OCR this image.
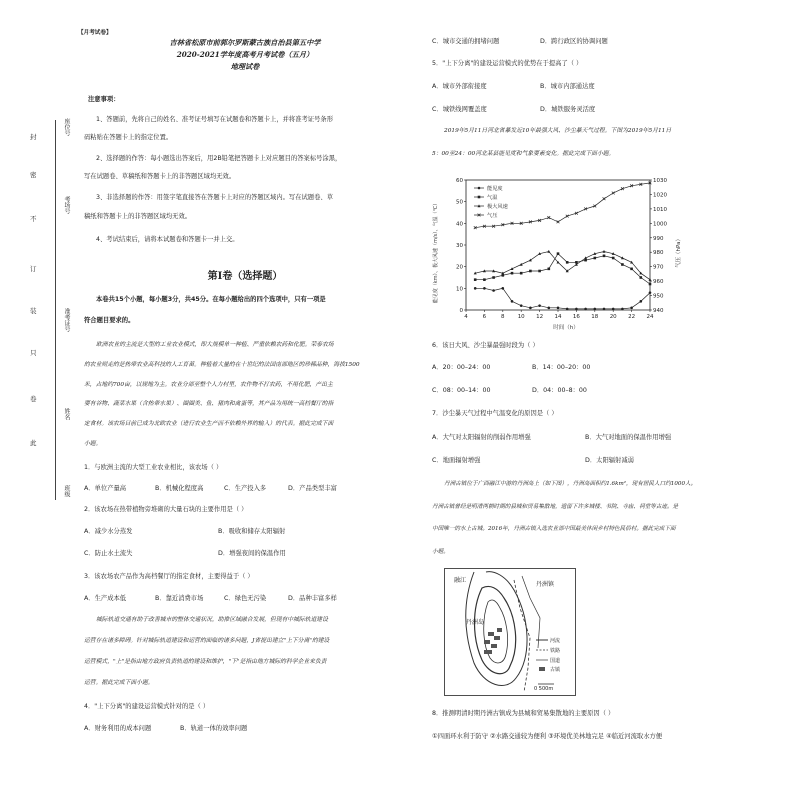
封
密
不
订
装
只
卷
此
座位号
考场号
准考证号
姓名
班级
【月考试卷】
吉林省松原市前郭尔罗斯蒙古族自治县第五中学
2020-2021学年度高考月考试卷（五月）
地理试卷
注意事项：
1、答题前，先将自己的姓名、准考证号填写在试题卷和答题卡上，并将准考证号条形
码粘贴在答题卡上的指定位置。
2、选择题的作答：每小题选出答案后，用2B铅笔把答题卡上对应题目的答案标号涂黑，
写在试题卷、草稿纸和答题卡上的非答题区域均无效。
3、非选择题的作答：用签字笔直接答在答题卡上对应的答题区域内。写在试题卷、草
稿纸和答题卡上的非答题区域均无效。
4、考试结束后，请将本试题卷和答题卡一并上交。
第Ⅰ卷（选择题）
本卷共15个小题，每小题3分，共45分。在每小题给出的四个选项中，只有一项是
符合题目要求的。
欧洲农业的主流是大型的工业农业模式，即大规模单一种植、严重依赖农药和化肥。荣泰农场
的农业则走的是热带农业高科技的人工育苗。种植着大量的在十世纪的法国南部地区的珍稀品种，海拔1500
米，占地约700亩，以规地为主。农业分部至整个人力村里，农作物不打农药，不用化肥，产出主
要有谷物、蔬菜水果（含热带水果）、圈圈类、鱼、猪肉和禽蛋等，其产品为用统一高档餐厅的指
定食材。该农场目前已成为北欧农业（进行农业生产而不依赖外界的输入）的代表。据此完成下面
小题。
1．与欧洲主流的大型工业农业相比，该农场（ ）
A．单位产量高	B．机械化程度高	C．生产投入多	D．产品类型丰富
2．该农场在热带植物旁堆砌的大量石块的主要作用是（ ）
A．减少水分蒸发	B．吸收和储存太阳辐射
C．防止水土流失	D．增强夜间的保温作用
3．该农场农产品作为高档餐厅的指定食材，主要得益于（ ）
A．生产成本低	B．靠近消费市场	C．绿色无污染	D．品种丰富多样
城际轨道交通有助于改善城市的整体交通状况，助推区域融合发展，但现有中城际轨道建设
运营存在诸多障碍。针对城际轨道建设和运营的面临的诸多问题，J省提出建立"上下分离"的建设
运营模式，"上"是指由地方政府负责轨道的建设和维护，"下"是指由地方城际的科学企业来负责
运营。据此完成下面小题。
4．"上下分离"的建设运营模式针对的是（ ）
A．财务利用的成本问题	B．轨道一体的效率问题
C．城市交通的拥堵问题	D．跨行政区的协调问题
5．"上下分离"的建设运营模式的优势在于提高了（ ）
A．城市外部衔接度	B．城市内部通达度
C．城铁线网覆盖度	D．城铁服务灵活度
2019年5月11日河北省暴发近10年最强大风、沙尘暴天气过程。下图为2019年5月11日
5：00至24：00河北某县能见度和气象要素变化。据此完成下面小题。
能见度（km）、极大风速（m/s）、气温（℃）	气压（hPa）
时间（h）
4	6	8 10 12 14 16 18 20 22 24
0
10
20
30
40
50
60
940
950
960
970
980
990
1000
1010
1020
1030
能见度
气温
极大风速
气压
6．该日大风、沙尘暴最强时段为（ ）
A．20：00–24：00	B．14：00–20：00
C．08：00–14：00	D．04：00–8：00
7．沙尘暴天气过程中气温变化的原因是（ ）
A．大气对太阳辐射的削弱作用增强	B．大气对地面的保温作用增强
C．地面辐射增强	D．太阳辐射减弱
丹洲古镇位于广西融江中游的丹洲岛上（如下图），丹洲岛面积约1.6km²，现有居民人口约1000人。
丹洲古镇曾经是明清两朝时期的县城和贸易集散地，遗留下许多城楼、书院、寺庙、祠堂等古迹。是
中国唯一的水上古城。2016年，丹洲古镇入选农业部中国最美休闲乡村特色民俗村。据此完成下面
小题。
融江
丹洲镇
丹洲岛
河流
铁路
国道
古镇
0 500m
8．推测明清时期丹洲古镇成为县城和贸易集散地的主要原因（ ）
①四面环水利于防守 ②水路交通较为便利 ③环境优美林地完足 ④临近河流取水方便
